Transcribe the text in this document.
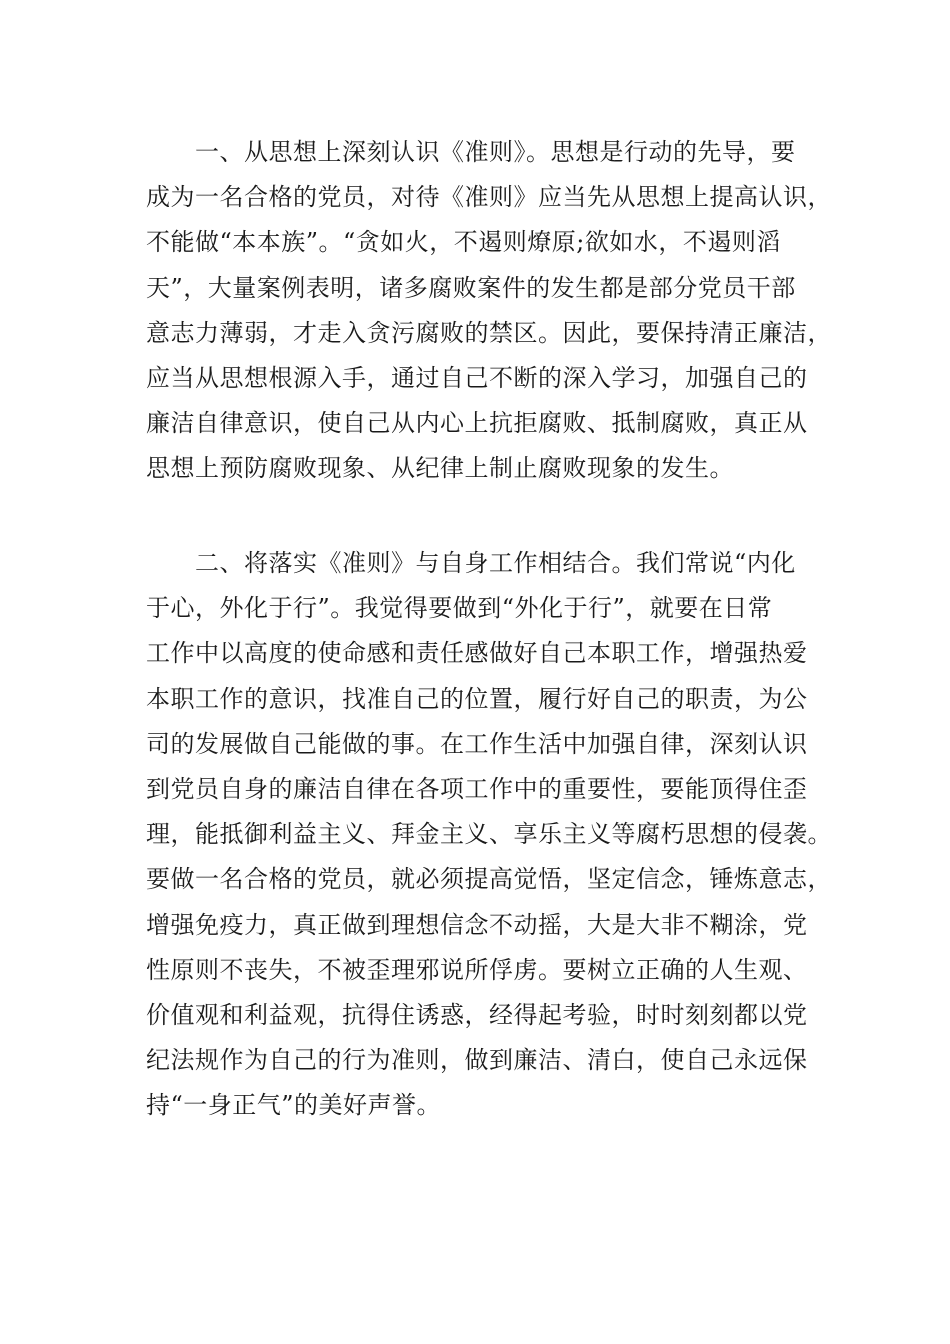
一、从思想上深刻认识《准则》。思想是行动的先导，要
成为一名合格的党员，对待《准则》应当先从思想上提高认识，
不能做“本本族”。“贪如火，不遏则燎原;欲如水，不遏则滔
天”，大量案例表明，诸多腐败案件的发生都是部分党员干部
意志力薄弱，才走入贪污腐败的禁区。因此，要保持清正廉洁，
应当从思想根源入手，通过自己不断的深入学习，加强自己的
廉洁自律意识，使自己从内心上抗拒腐败、抵制腐败，真正从
思想上预防腐败现象、从纪律上制止腐败现象的发生。
二、将落实《准则》与自身工作相结合。我们常说“内化
于心，外化于行”。我觉得要做到“外化于行”，就要在日常
工作中以高度的使命感和责任感做好自己本职工作，增强热爱
本职工作的意识，找准自己的位置，履行好自己的职责，为公
司的发展做自己能做的事。在工作生活中加强自律，深刻认识
到党员自身的廉洁自律在各项工作中的重要性，要能顶得住歪
理，能抵御利益主义、拜金主义、享乐主义等腐朽思想的侵袭。
要做一名合格的党员，就必须提高觉悟，坚定信念，锤炼意志，
增强免疫力，真正做到理想信念不动摇，大是大非不糊涂，党
性原则不丧失，不被歪理邪说所俘虏。要树立正确的人生观、
价值观和利益观，抗得住诱惑，经得起考验，时时刻刻都以党
纪法规作为自己的行为准则，做到廉洁、清白，使自己永远保
持“一身正气”的美好声誉。
